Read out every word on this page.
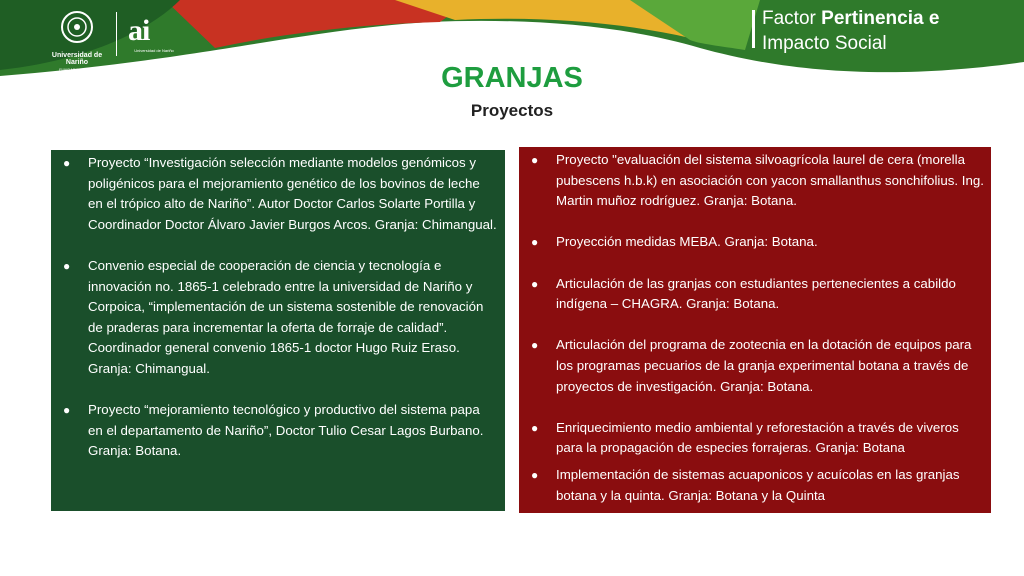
Universidad de Nariño
FUNDADA EN 1904
ai
Universidad de Nariño
Factor Pertinencia e
Impacto Social
GRANJAS
Proyectos
● Proyecto “Investigación selección mediante modelos genómicos y poligénicos para el mejoramiento genético de los bovinos de leche en el trópico alto de Nariño”. Autor Doctor Carlos Solarte Portilla y Coordinador Doctor Álvaro Javier Burgos Arcos. Granja: Chimangual.
● Convenio especial de cooperación de ciencia y tecnología e innovación no. 1865-1 celebrado entre la universidad de Nariño y Corpoica, “implementación de un sistema sostenible de renovación de praderas para incrementar la oferta de forraje de calidad”. Coordinador general convenio 1865-1 doctor Hugo Ruiz Eraso. Granja: Chimangual.
● Proyecto “mejoramiento tecnológico y productivo del sistema papa en el departamento de Nariño”, Doctor Tulio Cesar Lagos Burbano. Granja: Botana.
● Proyecto "evaluación del sistema silvoagrícola laurel de cera (morella pubescens h.b.k) en asociación con yacon smallanthus sonchifolius. Ing. Martin muñoz rodríguez. Granja: Botana.
● Proyección medidas MEBA. Granja: Botana.
● Articulación de las granjas con estudiantes pertenecientes a cabildo indígena – CHAGRA. Granja: Botana.
● Articulación del programa de zootecnia en la dotación de equipos para los programas pecuarios de la granja experimental botana a través de proyectos de investigación. Granja: Botana.
● Enriquecimiento medio ambiental y reforestación a través de viveros para la propagación de especies forrajeras. Granja: Botana
● Implementación de sistemas acuaponicos y acuícolas en las granjas botana y la quinta. Granja: Botana y la Quinta
